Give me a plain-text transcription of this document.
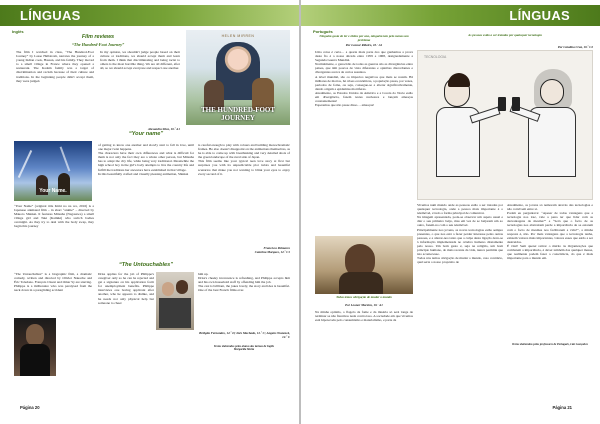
LÍNGUAS
Inglês
Film reviews
“The Hundred-Foot Journey”
The film I watched in class, “The Hundred-Foot Journey” by Lasse Hallstrom, narrates the journey of a young Indian cook, Hassan, and his family. They moved to a small village in France where they opened a restaurant. The Kadam family was a target of discrimination and racism because of their culture and traditions. In the beginning people didn't accept them, they were judged.
In my opinion, we shouldn't judge people based on their culture or traditions, we should accept them and learn from them. I think that discriminating and being racist to others is the most horrible thing. We are all different, after all, so we should accept everyone and respect one another.
Alexandra Silva, 10.º A1
HELEN MIRREN
THE HUNDRED-FOOT JOURNEY
“Your name”
Your Name.
“Your Name” (original title Kimi no na wa, 2016) is a Japanese animated film – in short “anime” – directed by Makoto Shinkai. It features Mitsuha (Nagasawa) a small village girl and Taki (Kamiki) who switch bodies overnight. As they try to deal with the body swap, they begin this journey
of getting to know one another and slowly start to fall in love, until one major twist happens.
The characters have their own differences and what is difficult for them is not only the fact they are a whole other person, but Mitsuha has to adapt the city life, while being very traditional. Meanwhile the high school boy in the girl's body attempts to live the country life and fulfill the traditions her ancestors have established in that village.
In this beautifully crafted and visually pleasing animation, Shinkai
is careful enough to play with colours and building monochromatic frames. He also doesn't disappoint on the animations themselves, as he is able to come up with breathtaking and very detailed shots of the green landscape of the rural side of Japan.
This film seems like your typical teen love story at first but surprises you with its unpredictable plot twists and beautiful scenarios that make you not wanting to blink your eyes to enjoy every second of it.
Francisca Palmares
Catarina Marques, 12.º C1
“The Untouchables”
“The Untouchables” is a biographic film, a dramatic comedy, written and directed by Olivier Nakache and Éric Toledano. François Cluzet and Omar Sy are starring.
Philippe is a millionaire who was paralysed from the neck down in a paragliding accident
Driss applies for the job of Philippe's caregiver only so he can be rejected and get a signature on his application form for unemployment benefits. Philippe interviews one boring applicant after another, who he appears to dislike, and he needs not only physical help but someone to cheer
him up.
Driss's cheeky irreverence is refreshing, and Philippe accepts him and his own household staff by offending him the job.
The cast is brilliant, the jokes lovely, the story and idea is beautiful. One of the best French films ever.
Bridgita Fernandes, 12.º D; Inês Machado, 12.º C; Angela Oranzeck, 12.º C
Textos elaborados pelos alunos das turmas de Inglês
Margarida Marta
Página 20
LÍNGUAS
Português
Ninguém gosta de ler e óbitos por ano, ninguém tem pelo menos um problema
Por Leonor Ribeiro, 10.º A1
Uma coisa é certa… a quarta mais parte dos que ganhamos a prova deste fio é a nossa década entre 1959 e 1968, designadamente a Segunda Guerra Mundial.
Normalmente, o genocídio de todas as guerras são as divergências entre países, que têm poucos de vista diferentes e opiniões discordantes e divergentes acerca de certos assuntos.
A nível mundial, são os impactos negativos que mais se notam. Há milhares de mortos, há crises económicas, a população passa, por vezes, períodos de fome, ou seja, consegue-se a alterar significativamente, dando origem a epidemias mortíferas.
Atualmente, os Estados Unidos da América e a Coreia do Norte estão em divergência, fazem testes nucleares e lançam ameaças constantemente!
Esperemos que não passe disso… ameaças!
Todas temos obrigação de mudar o mundo
Por Leonor Moreira, 10.º A1
Na minha opinião, o flagelo da fome e da miséria só será longe de terminar se não fizermos nada contra isso. A sociedade em que vivemos está hipotecada pelo consumismo e materialismo, e parte da
As pessoas estão a ser tratadas por quaisquer tecnologia
Por Catalina Cruz, 10.º C2
TECNOLOGIA
Vivemos num mundo onde as pessoas estão a ser tratadas por quaisquer tecnologia, onde a pessoa mais importante é o telemóvel, é tudo a forma principal de comunicar.
Na imagem apresentada, pode-se observar um aspeto usual e diar o seu primeiro beijo, mas em vez de se beijarem um ao outro, fazem-no com o seu telemóvel.
Principalmente nos jovens, as novas tecnologias estão sempre presentes, o que nos está a fazer perder interesse pelas outras pessoas, e a alterar-nos tanto que a culpa desta ligação deve-se à informação implementada no cérebro humano diretamente pelo nosso. Um bom gesto é, seja na religião, um bom princípio humano, do mais recente da vida, nunca permitia que isto acontecesse.
Todos nós temos obrigação de mudar o mundo, caso contrário, qual seria o nosso propósito de
Atualmente, os jovens só namoram através das tecnologias e não convivem entre si.
Porém eu perguntava: “Apesar de todas vantagens que a tecnologia nos traz, vale a pena ter que lidar com as desvantagens da mesma?” e “Será que o facto de as tecnologias nos abstraírem perde a importância de se estarem com o facto de mesmas nos facilitarem a vida?”, a minha resposta é, não. Por mais vantagens que a tecnologia tenha, existem valores mais importantes, valores esses que estão a ser destruídos.
É vital! Sem querer retirar o mérito às Organizações que combatem a importância, é dever também das qualquer massa, que realmente podem fazer a consciência, do que é mais importante para o mundo em.
Textos elaborados pelos professores de Português, Lúis Gonçalves
Página 21
